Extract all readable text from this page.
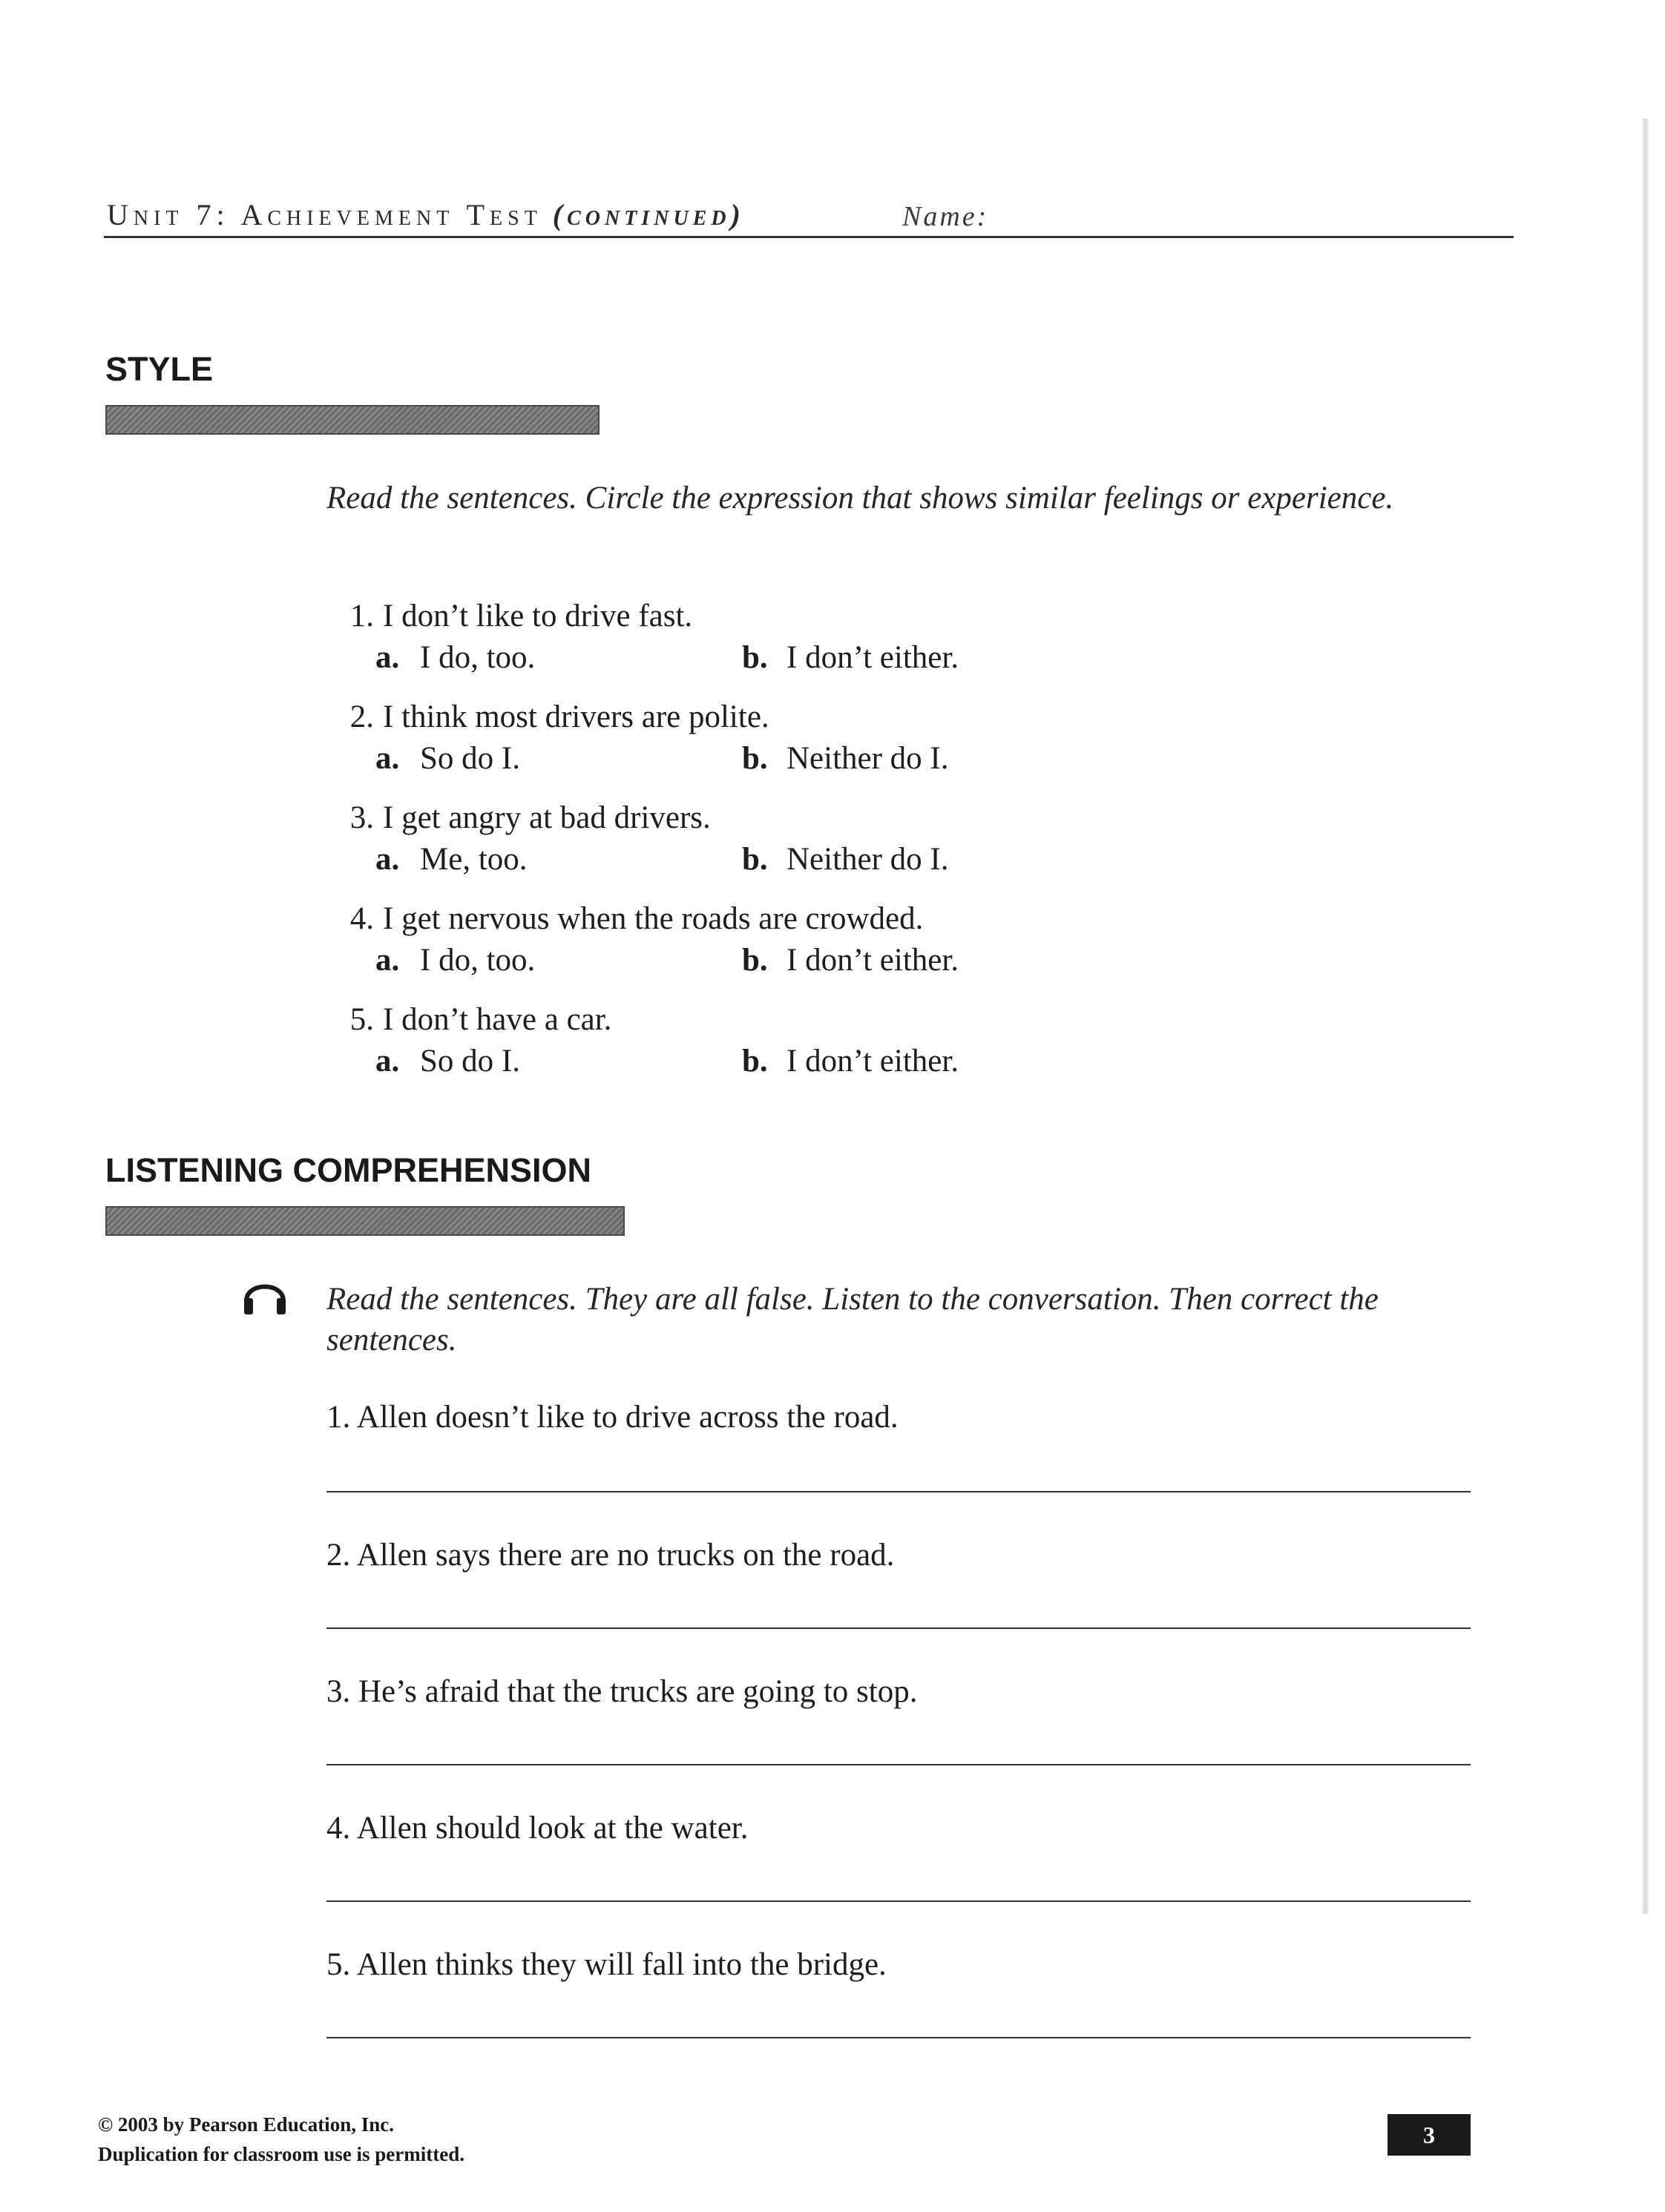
Unit 7: Achievement Test (continued)	Name:
STYLE
Read the sentences. Circle the expression that shows similar feelings or experience.
1. I don’t like to drive fast.
a. I do, too.	b. I don’t either.
2. I think most drivers are polite.
a. So do I.	b. Neither do I.
3. I get angry at bad drivers.
a. Me, too.	b. Neither do I.
4. I get nervous when the roads are crowded.
a. I do, too.	b. I don’t either.
5. I don’t have a car.
a. So do I.	b. I don’t either.
LISTENING COMPREHENSION
Read the sentences. They are all false. Listen to the conversation. Then correct the sentences.
1. Allen doesn’t like to drive across the road.
2. Allen says there are no trucks on the road.
3. He’s afraid that the trucks are going to stop.
4. Allen should look at the water.
5. Allen thinks they will fall into the bridge.
© 2003 by Pearson Education, Inc.
Duplication for classroom use is permitted.
3
